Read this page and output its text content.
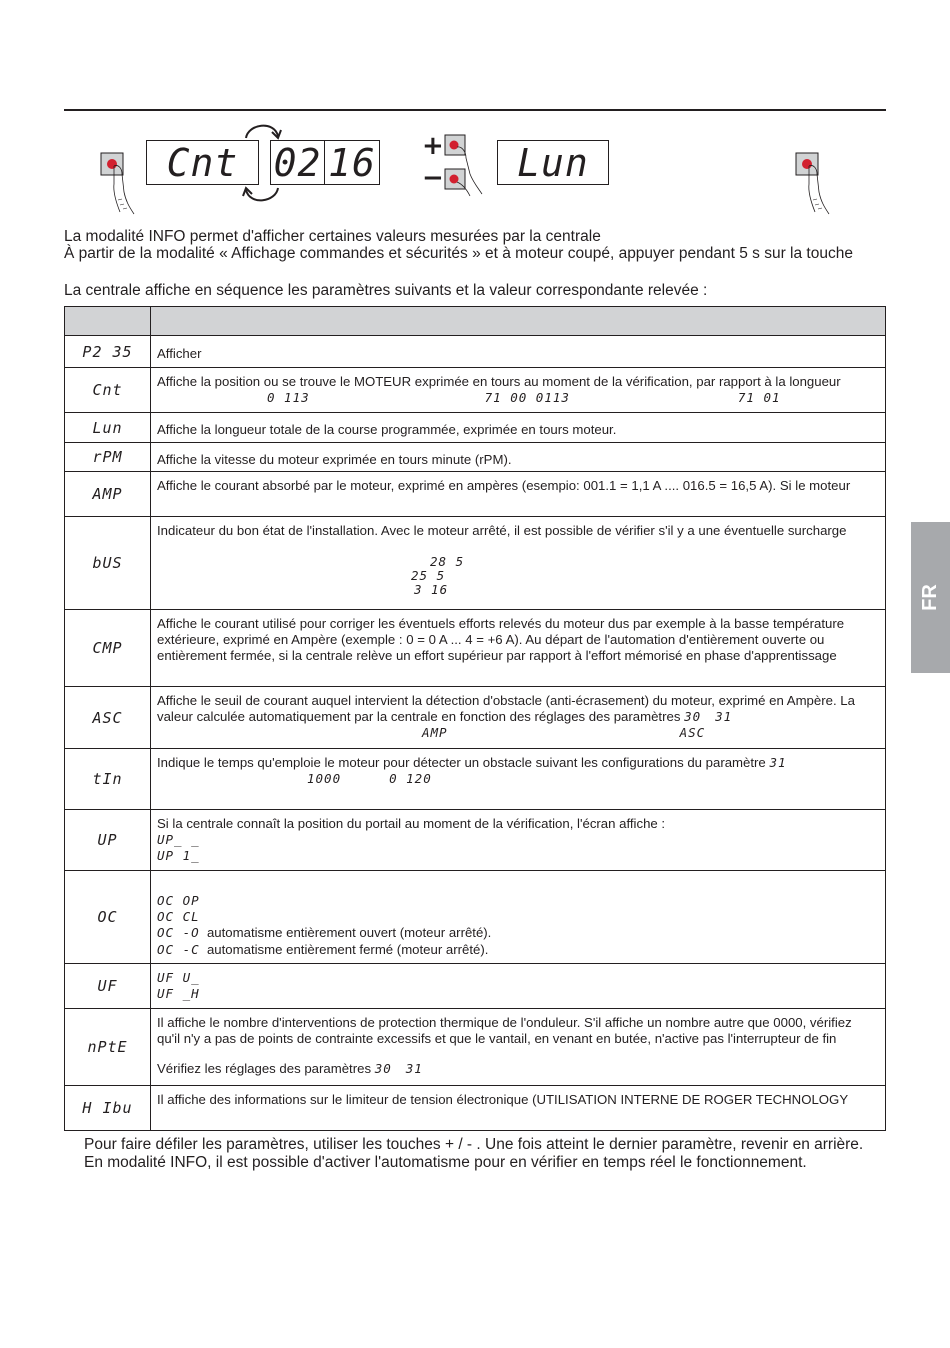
Cnt 02 16 +
−	Lun
La modalité INFO permet d'afficher certaines valeurs mesurées par la centrale
À partir de la modalité « Affichage commandes et sécurités » et à moteur coupé, appuyer pendant 5 s sur la touche
La centrale affiche en séquence les paramètres suivants et la valeur correspondante relevée :

P2 35	Afficher

Cnt	Affiche la position ou se trouve le MOTEUR exprimée en tours au moment de la vérification, par rapport à la longueur
0 113 71 00 0113 71 01

Lun	Affiche la longueur totale de la course programmée, exprimée en tours moteur.

rPM	Affiche la vitesse du moteur exprimée en tours minute (rPM).

AMP	Affiche le courant absorbé par le moteur, exprimé en ampères (esempio: 001.1 = 1,1 A .... 016.5 = 16,5 A). Si le moteur

bUS	Indicateur du bon état de l'installation. Avec le moteur arrêté, il est possible de vérifier s'il y a une éventuelle surcharge
28 5
25 5
3 16

CMP	Affiche le courant utilisé pour corriger les éventuels efforts relevés du moteur dus par exemple à la basse température
extérieure, exprimé en Ampère (exemple : 0 = 0 A ... 4 = +6 A). Au départ de l'automation d'entièrement ouverte ou
entièrement fermée, si la centrale relève un effort supérieur par rapport à l'effort mémorisé en phase d'apprentissage

ASC	Affiche le seuil de courant auquel intervient la détection d'obstacle (anti-écrasement) du moteur, exprimé en Ampère. La
valeur calculée automatiquement par la centrale en fonction des réglages des paramètres 30 31
AMP ASC

tIn	Indique le temps qu'emploie le moteur pour détecter un obstacle suivant les configurations du paramètre 31
1000 0 120

UP	Si la centrale connaît la position du portail au moment de la vérification, l'écran affiche :
UP_ _
UP 1_

OC	OC OP
OC CL
OC -O automatisme entièrement ouvert (moteur arrêté).
OC -C automatisme entièrement fermé (moteur arrêté).

UF	UF U_
UF _H

nPtE	Il affiche le nombre d'interventions de protection thermique de l'onduleur. S'il affiche un nombre autre que 0000, vérifiez
qu'il n'y a pas de points de contrainte excessifs et que le vantail, en venant en butée, n'active pas l'interrupteur de fin
Vérifiez les réglages des paramètres 30 31

H Ibu	Il affiche des informations sur le limiteur de tension électronique (UTILISATION INTERNE DE ROGER TECHNOLOGY
Pour faire défiler les paramètres, utiliser les touches + / - . Une fois atteint le dernier paramètre, revenir en arrière.
En modalité INFO, il est possible d'activer l'automatisme pour en vérifier en temps réel le fonctionnement.
FR
